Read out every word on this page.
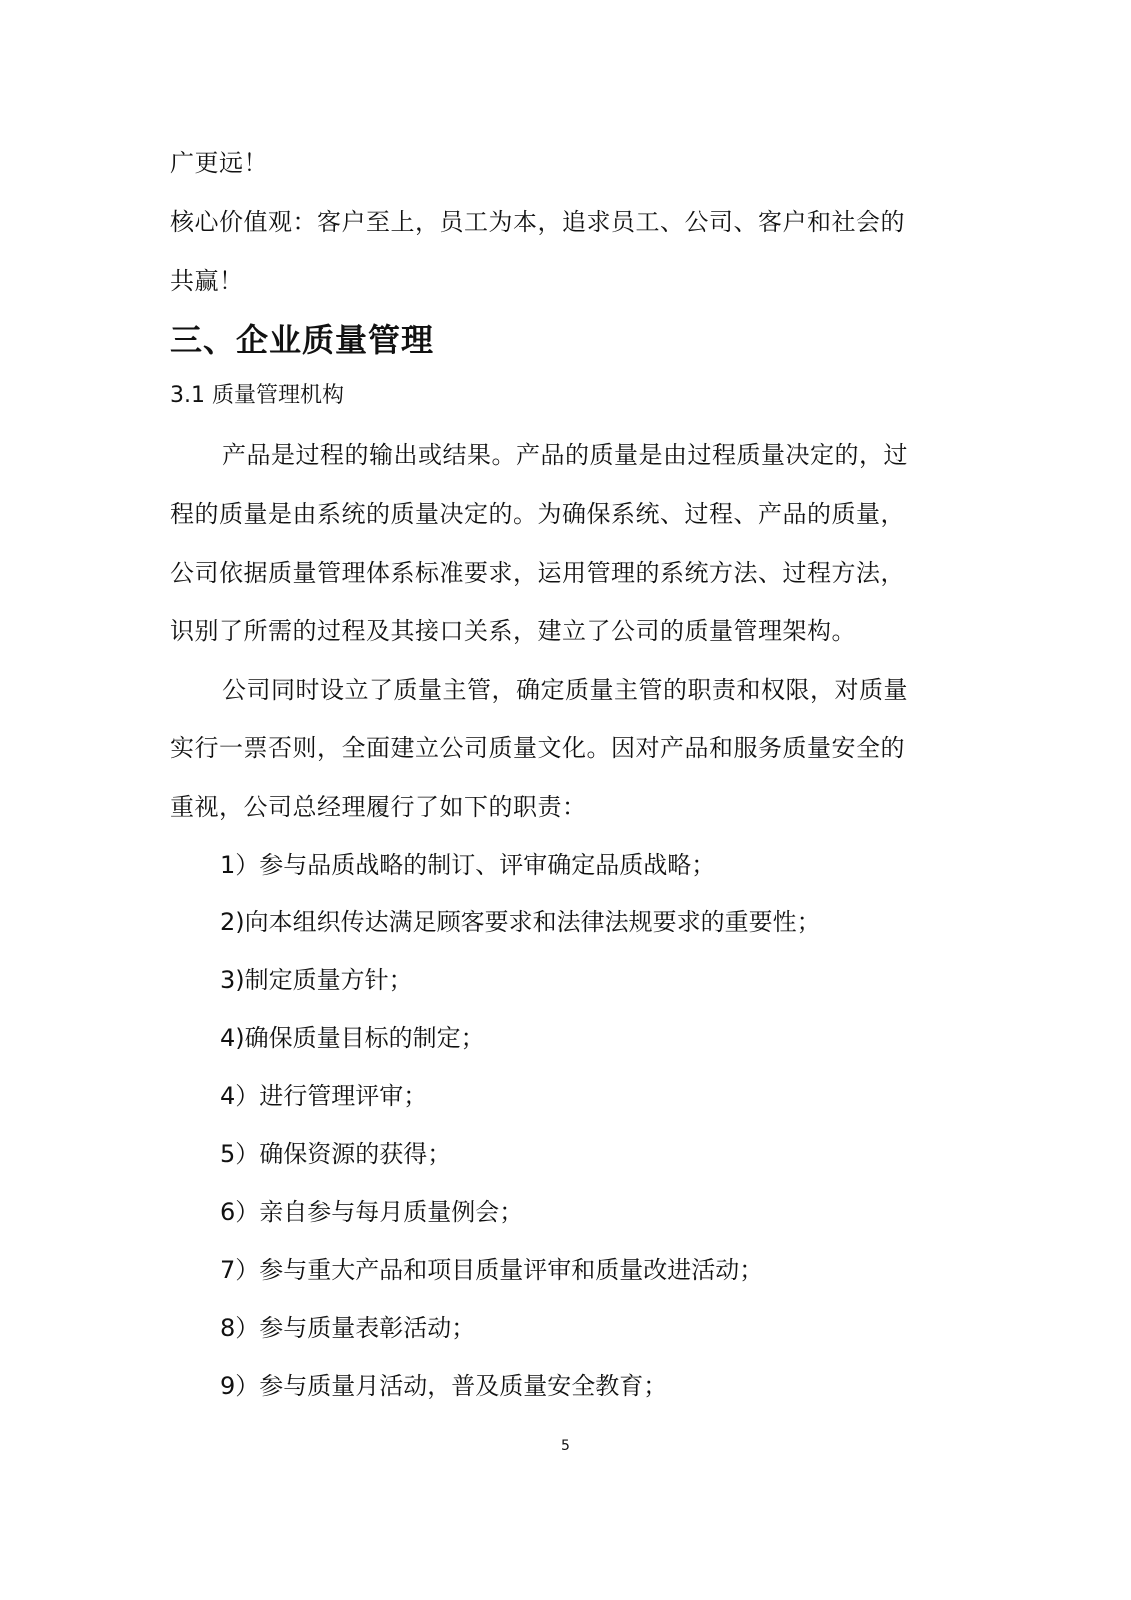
广更远！
核心价值观：客户至上，员工为本，追求员工、公司、客户和社会的
共赢！
三、企业质量管理
3.1 质量管理机构
产品是过程的输出或结果。产品的质量是由过程质量决定的，过
程的质量是由系统的质量决定的。为确保系统、过程、产品的质量，
公司依据质量管理体系标准要求，运用管理的系统方法、过程方法，
识别了所需的过程及其接口关系，建立了公司的质量管理架构。
公司同时设立了质量主管，确定质量主管的职责和权限，对质量
实行一票否则，全面建立公司质量文化。因对产品和服务质量安全的
重视，公司总经理履行了如下的职责：
1）参与品质战略的制订、评审确定品质战略；
2)向本组织传达满足顾客要求和法律法规要求的重要性；
3)制定质量方针；
4)确保质量目标的制定；
4）进行管理评审；
5）确保资源的获得；
6）亲自参与每月质量例会；
7）参与重大产品和项目质量评审和质量改进活动；
8）参与质量表彰活动；
9）参与质量月活动，普及质量安全教育；
5
